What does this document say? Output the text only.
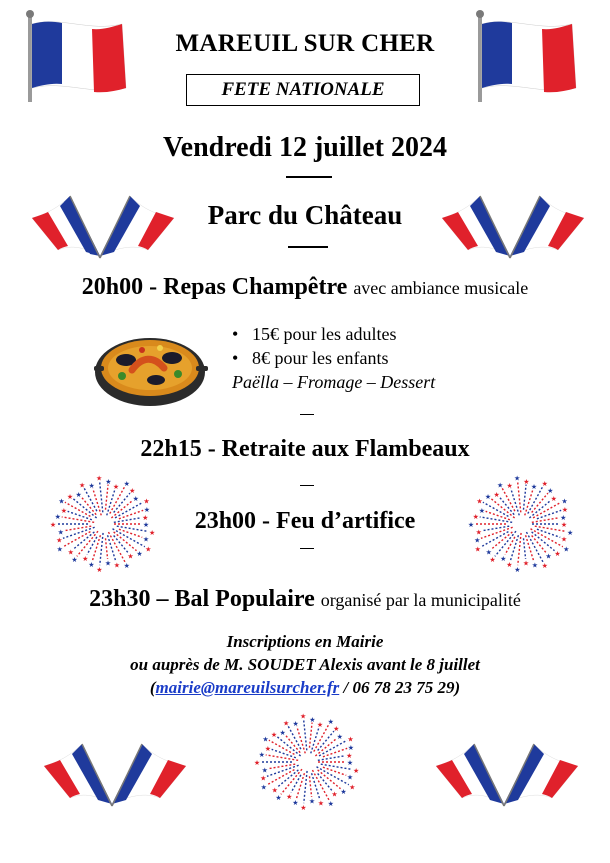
MAREUIL SUR CHER
FETE NATIONALE
Vendredi 12 juillet 2024
Parc du Château
20h00 - Repas Champêtre avec ambiance musicale
• 15€ pour les adultes
• 8€ pour les enfants
Paëlla – Fromage – Dessert
22h15 - Retraite aux Flambeaux
★
★
★
★
★
★
★
★
★
★
★
★
★
★
★
★
★
★
★
★
★
★ ★
★ ★
★ ★
★ ★
★
★ ★
★
★
★
★
★
★
★
★
★
★
★
★
★
★
★
★
★
★
★
★
★
★
★
★ ★
★ ★
★ ★
★ ★
★
★ ★
★
★
23h00 - Feu d’artifice
23h30 – Bal Populaire organisé par la municipalité
Inscriptions en Mairie
ou auprès de M. SOUDET Alexis avant le 8 juillet
(mairie@mareuilsurcher.fr / 06 78 23 75 29)
★
★
★
★
★
★
★
★
★
★
★
★
★
★
★
★
★
★
★
★
★
★ ★
★ ★
★ ★
★ ★
★
★ ★
★
★
